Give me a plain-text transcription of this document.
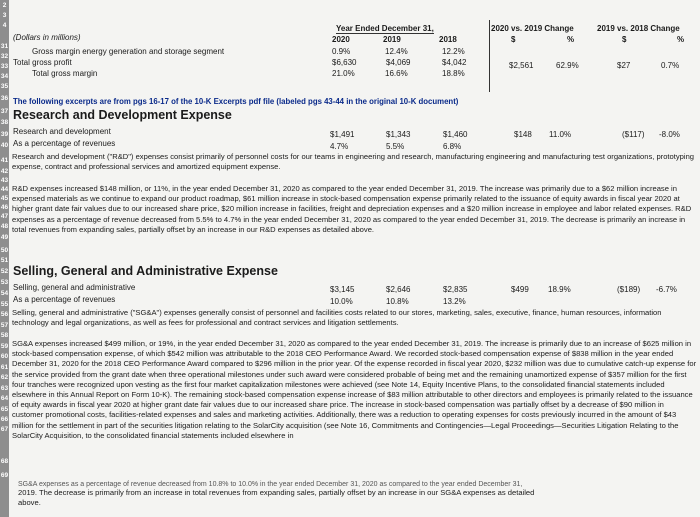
2
3
4
31
32
33
34
35
36
37
38
39
40
41
42
43
44
45
46
47
48
49
50
51
52
53
54
55
56
57
58
59
60
61
62
63
64
65
66
67
68
69
(Dollars in millions)
Year Ended December 31,
2020	2019	2018
2020 vs. 2019 Change	2019 vs. 2018 Change
$	%	$	%
Gross margin energy generation and storage segment	0.9%	12.4%	12.2%
Total gross profit	$6,630	$4,069	$4,042	$2,561	62.9%	$27	0.7%
Total gross margin	21.0%	16.6%	18.8%
The following excerpts are from pgs 16-17 of the 10-K Excerpts pdf file (labeled pgs 43-44 in the original 10-K document)
Research and Development Expense
Research and development	$1,491	$1,343	$1,460	$148 11.0%	($117) -8.0%
As a percentage of revenues	4.7%	5.5%	6.8%
Research and development ("R&D") expenses consist primarily of personnel costs for our teams in engineering and research, manufacturing engineering and manufacturing test organizations, prototyping expense, contract and professional services and amortized equipment expense.
R&D expenses increased $148 million, or 11%, in the year ended December 31, 2020 as compared to the year ended December 31, 2019. The increase was primarily due to a $62 million increase in expensed materials as we continue to expand our product roadmap, $61 million increase in stock-based compensation expense primarily related to the issuance of equity awards in fiscal year 2020 at higher grant date fair values due to our increased share price, $20 million increase in facilities, freight and depreciation expenses and a $20 million increase in employee and labor related expenses. R&D expenses as a percentage of revenue decreased from 5.5% to 4.7% in the year ended December 31, 2020 as compared to the year ended December 31, 2019. The decrease is primarily an increase in total revenues from expanding sales, partially offset by an increase in our R&D expenses as detailed above.
Selling, General and Administrative Expense
Selling, general and administrative	$3,145	$2,646	$2,835	$499 18.9%	($189) -6.7%
As a percentage of revenues	10.0%	10.8%	13.2%
Selling, general and administrative ("SG&A") expenses generally consist of personnel and facilities costs related to our stores, marketing, sales, executive, finance, human resources, information technology and legal organizations, as well as fees for professional and contract services and litigation settlements.
SG&A expenses increased $499 million, or 19%, in the year ended December 31, 2020 as compared to the year ended December 31, 2019. The increase is primarily due to an increase of $625 million in stock-based compensation expense, of which $542 million was attributable to the 2018 CEO Performance Award. We recorded stock-based compensation expense of $838 million in the year ended December 31, 2020 for the 2018 CEO Performance Award compared to $296 million in the prior year. Of the expense recorded in fiscal year 2020, $232 million was due to cumulative catch-up expense for the service provided from the grant date when three operational milestones under such award were considered probable of being met and the remaining unamortized expense of $357 million for the first four tranches were recognized upon vesting as the first four market capitalization milestones were achieved (see Note 14, Equity Incentive Plans, to the consolidated financial statements included elsewhere in this Annual Report on Form 10-K). The remaining stock-based compensation expense increase of $83 million attributable to other directors and employees is primarily related to the issuance of equity awards in fiscal year 2020 at higher grant date fair values due to our increased share price. The increase in stock-based compensation was partially offset by a decrease of $90 million in customer promotional costs, facilities-related expenses and sales and marketing activities. Additionally, there was a reduction to operating expenses for costs previously incurred in the amount of $43 million for the settlement in part of the securities litigation relating to the SolarCity acquisition (see Note 16, Commitments and Contingencies—Legal Proceedings—Securities Litigation Relating to the SolarCity Acquisition, to the consolidated financial statements included elsewhere in
SG&A expenses as a percentage of revenue decreased from 10.8% to 10.0% in the year ended December 31, 2020 as compared to the year ended December 31,
2019. The decrease is primarily from an increase in total revenues from expanding sales, partially offset by an increase in our SG&A expenses as detailed
above.
